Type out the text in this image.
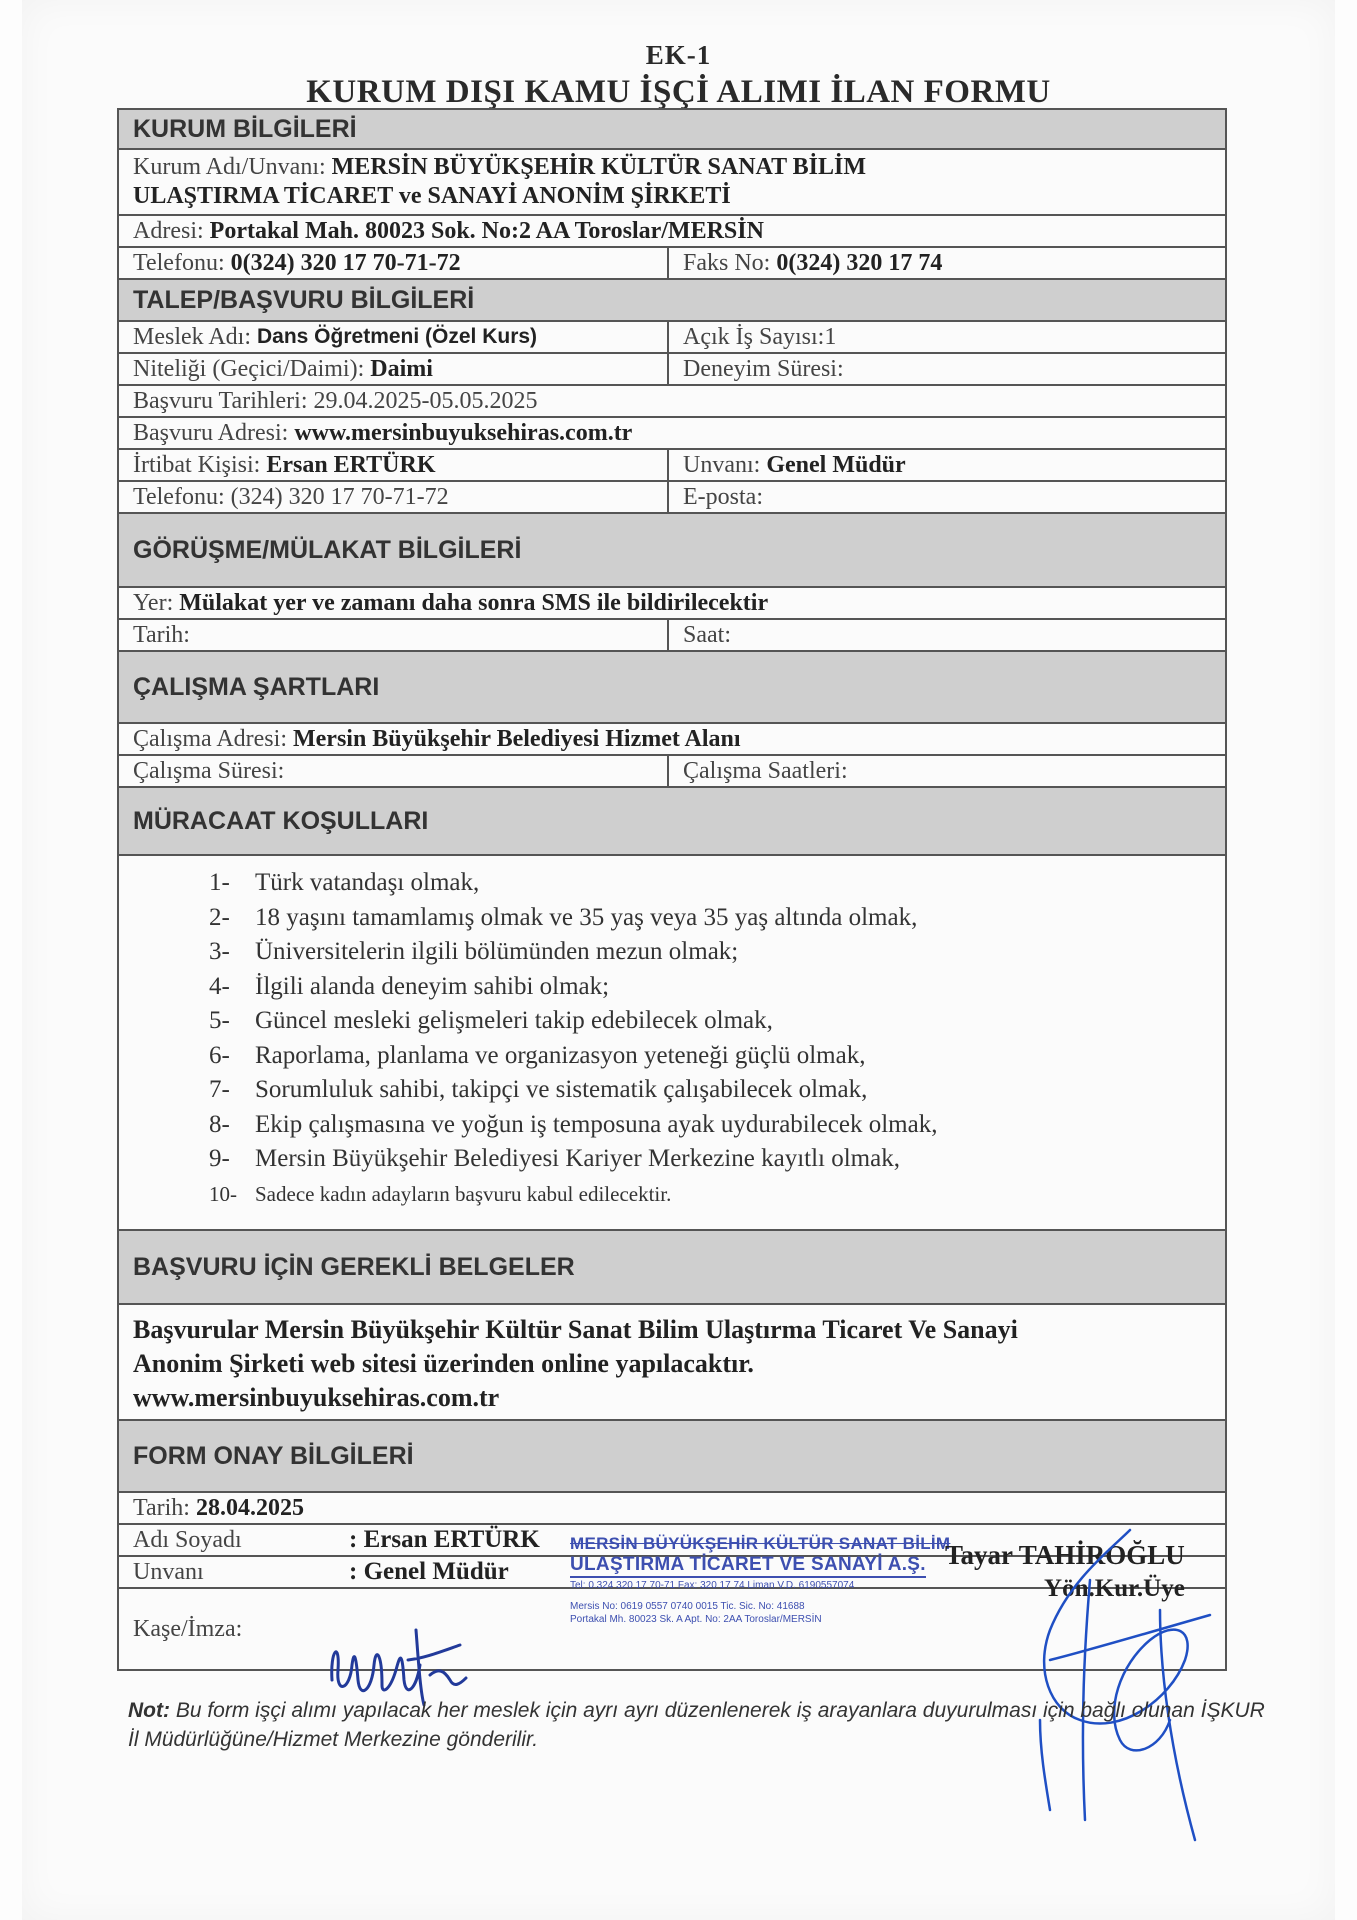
EK-1
KURUM DIŞI KAMU İŞÇİ ALIMI İLAN FORMU
KURUM BİLGİLERİ
Kurum Adı/Unvanı: MERSİN BÜYÜKŞEHİR KÜLTÜR SANAT BİLİM
ULAŞTIRMA TİCARET ve SANAYİ ANONİM ŞİRKETİ
Adresi: Portakal Mah. 80023 Sok. No:2 AA Toroslar/MERSİN
Telefonu: 0(324) 320 17 70-71-72	Faks No: 0(324) 320 17 74
TALEP/BAŞVURU BİLGİLERİ
Meslek Adı: Dans Öğretmeni (Özel Kurs)	Açık İş Sayısı: 1
Niteliği (Geçici/Daimi): Daimi	Deneyim Süresi:
Başvuru Tarihleri: 29.04.2025-05.05.2025
Başvuru Adresi: www.mersinbuyuksehiras.com.tr
İrtibat Kişisi: Ersan ERTÜRK	Unvanı: Genel Müdür
Telefonu: (324) 320 17 70-71-72	E-posta:
GÖRÜŞME/MÜLAKAT BİLGİLERİ
Yer: Mülakat yer ve zamanı daha sonra SMS ile bildirilecektir
Tarih:	Saat:
ÇALIŞMA ŞARTLARI
Çalışma Adresi: Mersin Büyükşehir Belediyesi Hizmet Alanı
Çalışma Süresi:	Çalışma Saatleri:
MÜRACAAT KOŞULLARI
1- Türk vatandaşı olmak,
2- 18 yaşını tamamlamış olmak ve 35 yaş veya 35 yaş altında olmak,
3- Üniversitelerin ilgili bölümünden mezun olmak;
4- İlgili alanda deneyim sahibi olmak;
5- Güncel mesleki gelişmeleri takip edebilecek olmak,
6- Raporlama, planlama ve organizasyon yeteneği güçlü olmak,
7- Sorumluluk sahibi, takipçi ve sistematik çalışabilecek olmak,
8- Ekip çalışmasına ve yoğun iş temposuna ayak uydurabilecek olmak,
9- Mersin Büyükşehir Belediyesi Kariyer Merkezine kayıtlı olmak,
10- Sadece kadın adayların başvuru kabul edilecektir.
BAŞVURU İÇİN GEREKLİ BELGELER
Başvurular Mersin Büyükşehir Kültür Sanat Bilim Ulaştırma Ticaret Ve Sanayi
Anonim Şirketi web sitesi üzerinden online yapılacaktır.
www.mersinbuyuksehiras.com.tr
FORM ONAY BİLGİLERİ
Tarih: 28.04.2025
Adı Soyadı	: Ersan ERTÜRK
Unvanı	: Genel Müdür
Kaşe/İmza:
MERSİN BÜYÜKŞEHİR KÜLTÜR SANAT BİLİM
ULAŞTIRMA TİCARET VE SANAYİ A.Ş.
Tel: 0.324 320 17 70-71 Fax: 320 17 74 Liman V.D. 6190557074
Mersis No: 0619 0557 0740 0015 Tic. Sic. No: 41688
Portakal Mh. 80023 Sk. A Apt. No: 2AA Toroslar/MERSİN
Tayar TAHİROĞLU
Yön.Kur.Üye
Not: Bu form işçi alımı yapılacak her meslek için ayrı ayrı düzenlenerek iş arayanlara duyurulması için bağlı olunan İŞKUR İl Müdürlüğüne/Hizmet Merkezine gönderilir.
